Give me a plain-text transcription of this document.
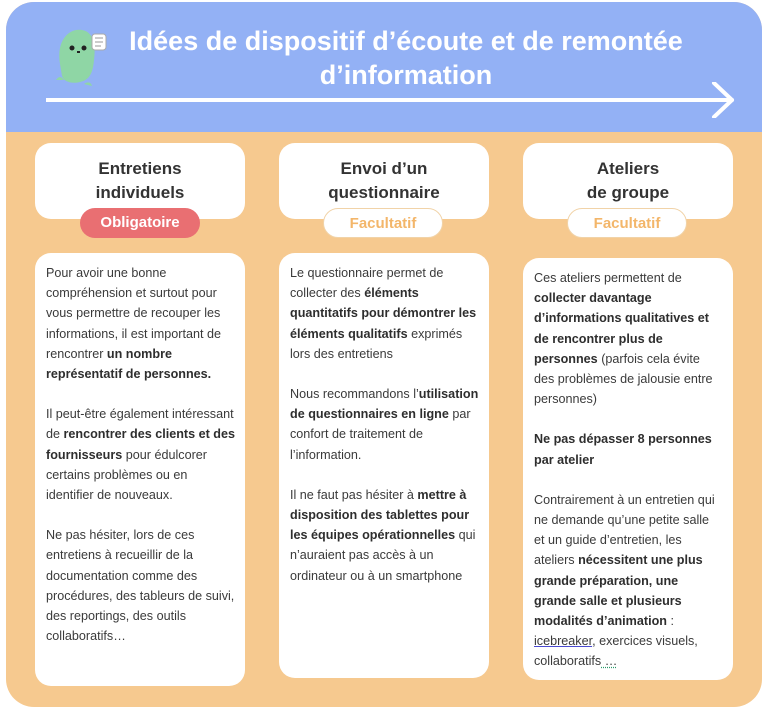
Idées de dispositif d’écoute et de remontée d’information
Entretiens
individuels
Obligatoire
Envoi d’un
questionnaire
Facultatif
Ateliers
de groupe
Facultatif

Pour avoir une bonne compréhension et surtout pour vous permettre de recouper les informations, il est important de rencontrer un nombre représentatif de personnes.

Il peut-être également intéressant de rencontrer des clients et des fournisseurs pour édulcorer certains problèmes ou en identifier de nouveaux.

Ne pas hésiter, lors de ces entretiens à recueillir de la documentation comme des procédures, des tableurs de suivi, des reportings, des outils collaboratifs…

Le questionnaire permet de collecter des éléments quantitatifs pour démontrer les éléments qualitatifs exprimés lors des entretiens

Nous recommandons l’utilisation de questionnaires en ligne par confort de traitement de l’information.

Il ne faut pas hésiter à mettre à disposition des tablettes pour les équipes opérationnelles qui n’auraient pas accès à un ordinateur ou à un smartphone

Ces ateliers permettent de collecter davantage d’informations qualitatives et de rencontrer plus de personnes (parfois cela évite des problèmes de jalousie entre personnes)

Ne pas dépasser 8 personnes par atelier

Contrairement à un entretien qui ne demande qu’une petite salle et un guide d’entretien, les ateliers nécessitent une plus grande préparation, une grande salle et plusieurs modalités d’animation : icebreaker, exercices visuels, collaboratifs …
